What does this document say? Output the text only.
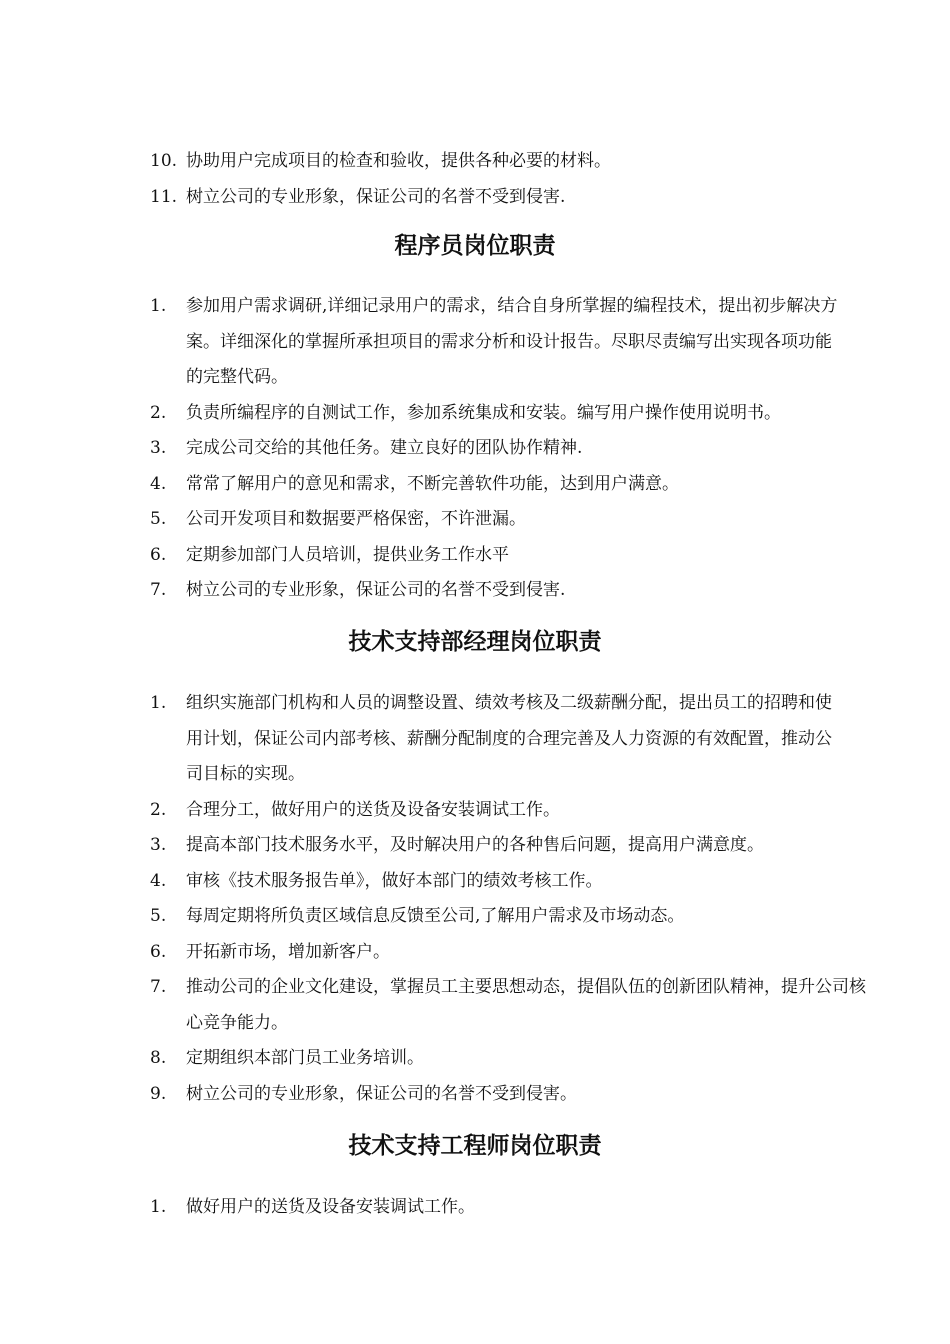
10. 协助用户完成项目的检查和验收，提供各种必要的材料。
11. 树立公司的专业形象，保证公司的名誉不受到侵害.
程序员岗位职责
1.	参加用户需求调研,详细记录用户的需求，结合自身所掌握的编程技术，提出初步解决方案。详细深化的掌握所承担项目的需求分析和设计报告。尽职尽责编写出实现各项功能的完整代码。
2.	负责所编程序的自测试工作，参加系统集成和安装。编写用户操作使用说明书。
3.	完成公司交给的其他任务。建立良好的团队协作精神.
4.	常常了解用户的意见和需求，不断完善软件功能，达到用户满意。
5.	公司开发项目和数据要严格保密，不许泄漏。
6.	定期参加部门人员培训，提供业务工作水平
7.	树立公司的专业形象，保证公司的名誉不受到侵害.
技术支持部经理岗位职责
1.	组织实施部门机构和人员的调整设置、绩效考核及二级薪酬分配，提出员工的招聘和使用计划，保证公司内部考核、薪酬分配制度的合理完善及人力资源的有效配置，推动公司目标的实现。
2.	合理分工，做好用户的送货及设备安装调试工作。
3.	提高本部门技术服务水平，及时解决用户的各种售后问题，提高用户满意度。
4.	审核《技术服务报告单》，做好本部门的绩效考核工作。
5.	每周定期将所负责区域信息反馈至公司,了解用户需求及市场动态。
6.	开拓新市场，增加新客户。
7.	推动公司的企业文化建设，掌握员工主要思想动态，提倡队伍的创新团队精神，提升公司核心竞争能力。
8.	定期组织本部门员工业务培训。
9.	树立公司的专业形象，保证公司的名誉不受到侵害。
技术支持工程师岗位职责
1.	做好用户的送货及设备安装调试工作。
